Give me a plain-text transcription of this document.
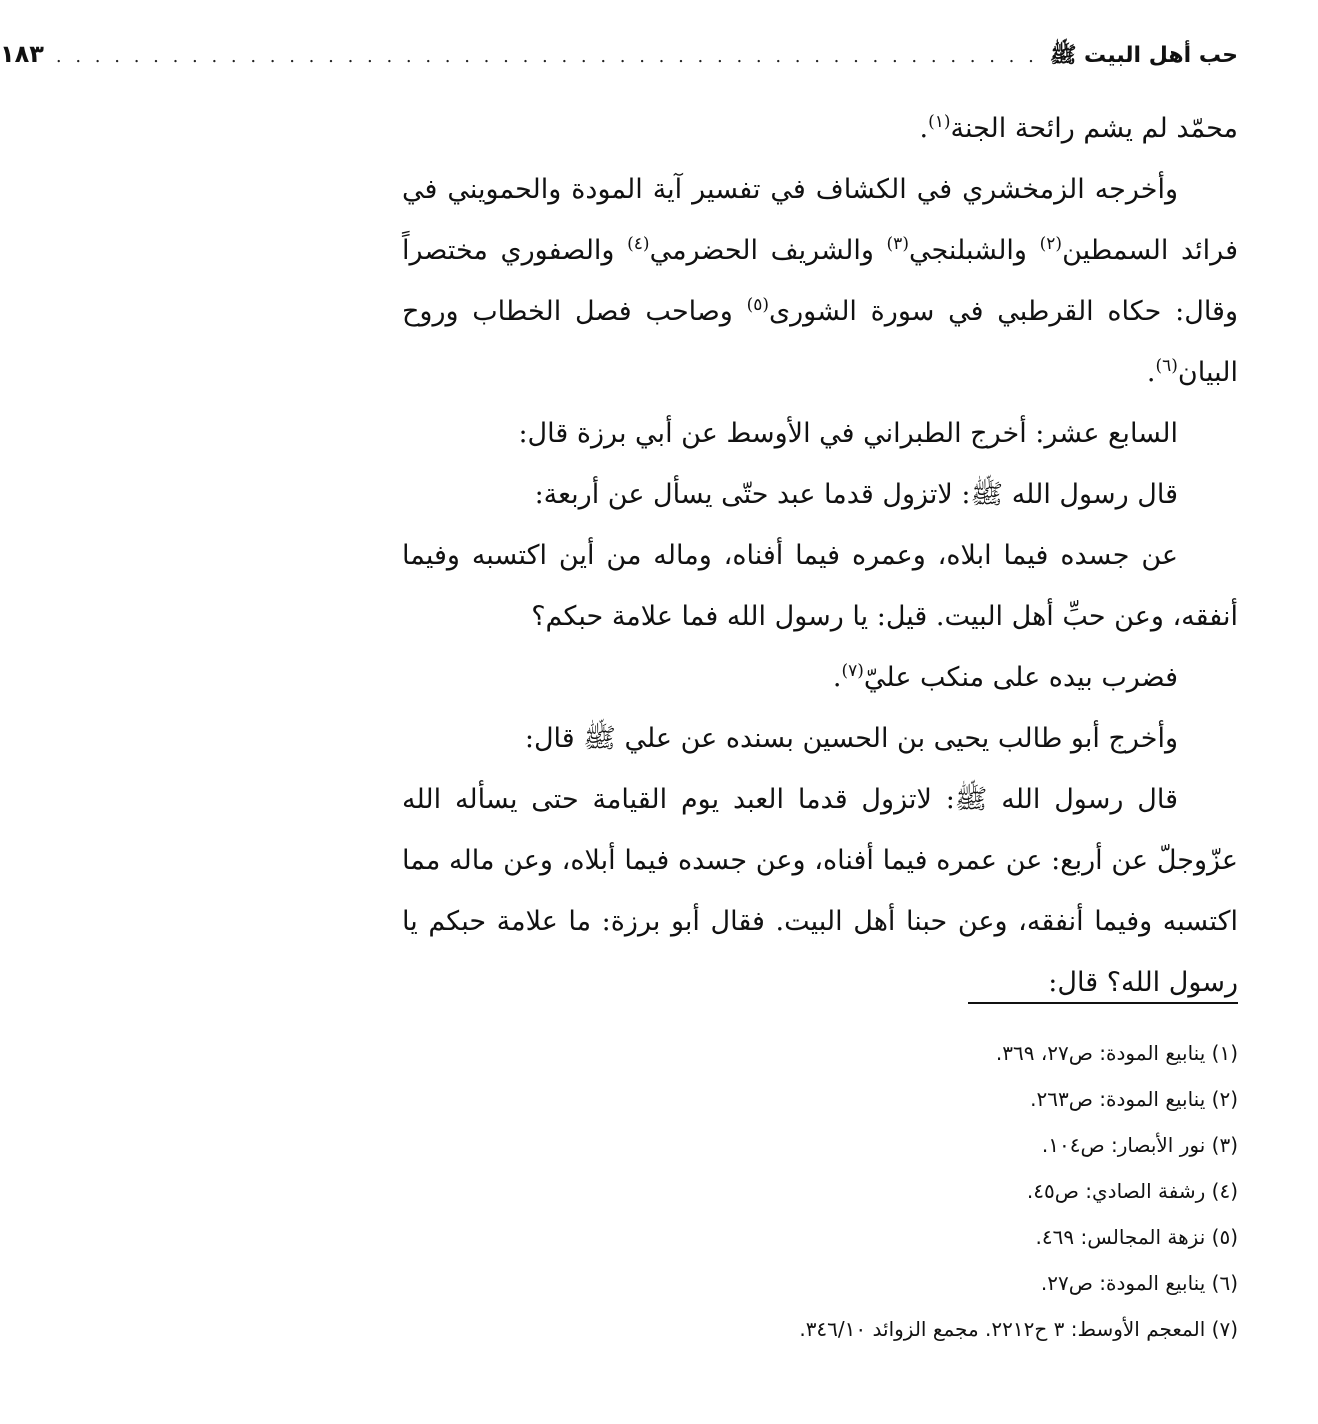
حب أهل البيت ﷺ
. . . . . . . . . . . . . . . . . . . . . . . . . . . . . . . . . . . . . . . . . . . . . . . . . . .
١٨٣

محمّد لم يشم رائحة الجنة$^{(١)}$.

وأخرجه الزمخشري في الكشاف في تفسير آية المودة والحمويني في فرائد السمطين$^{(٢)}$ والشبلنجي$^{(٣)}$ والشريف الحضرمي$^{(٤)}$ والصفوري مختصراً وقال: حكاه القرطبي في سورة الشورى$^{(٥)}$ وصاحب فصل الخطاب وروح البيان$^{(٦)}$.

السابع عشر: أخرج الطبراني في الأوسط عن أبي برزة قال:

قال رسول الله ﷺ: لاتزول قدما عبد حتّى يسأل عن أربعة:

عن جسده فيما ابلاه، وعمره فيما أفناه، وماله من أين اكتسبه وفيما أنفقه، وعن حبِّ أهل البيت. قيل: يا رسول الله فما علامة حبكم؟

فضرب بيده على منكب عليّ$^{(٧)}$.

وأخرج أبو طالب يحيى بن الحسين بسنده عن علي ﷺ قال:

قال رسول الله ﷺ: لاتزول قدما العبد يوم القيامة حتى يسأله الله عزّوجلّ عن أربع: عن عمره فيما أفناه، وعن جسده فيما أبلاه، وعن ماله مما اكتسبه وفيما أنفقه، وعن حبنا أهل البيت. فقال أبو برزة: ما علامة حبكم يا رسول الله؟ قال:

(١) ينابيع المودة: ص٢٧، ٣٦٩.

(٢) ينابيع المودة: ص٢٦٣.

(٣) نور الأبصار: ص١٠٤.

(٤) رشفة الصادي: ص٤٥.

(٥) نزهة المجالس: ٤٦٩.

(٦) ينابيع المودة: ص٢٧.

(٧) المعجم الأوسط: ٣ ح٢٢١٢. مجمع الزوائد ٣٤٦/١٠.
